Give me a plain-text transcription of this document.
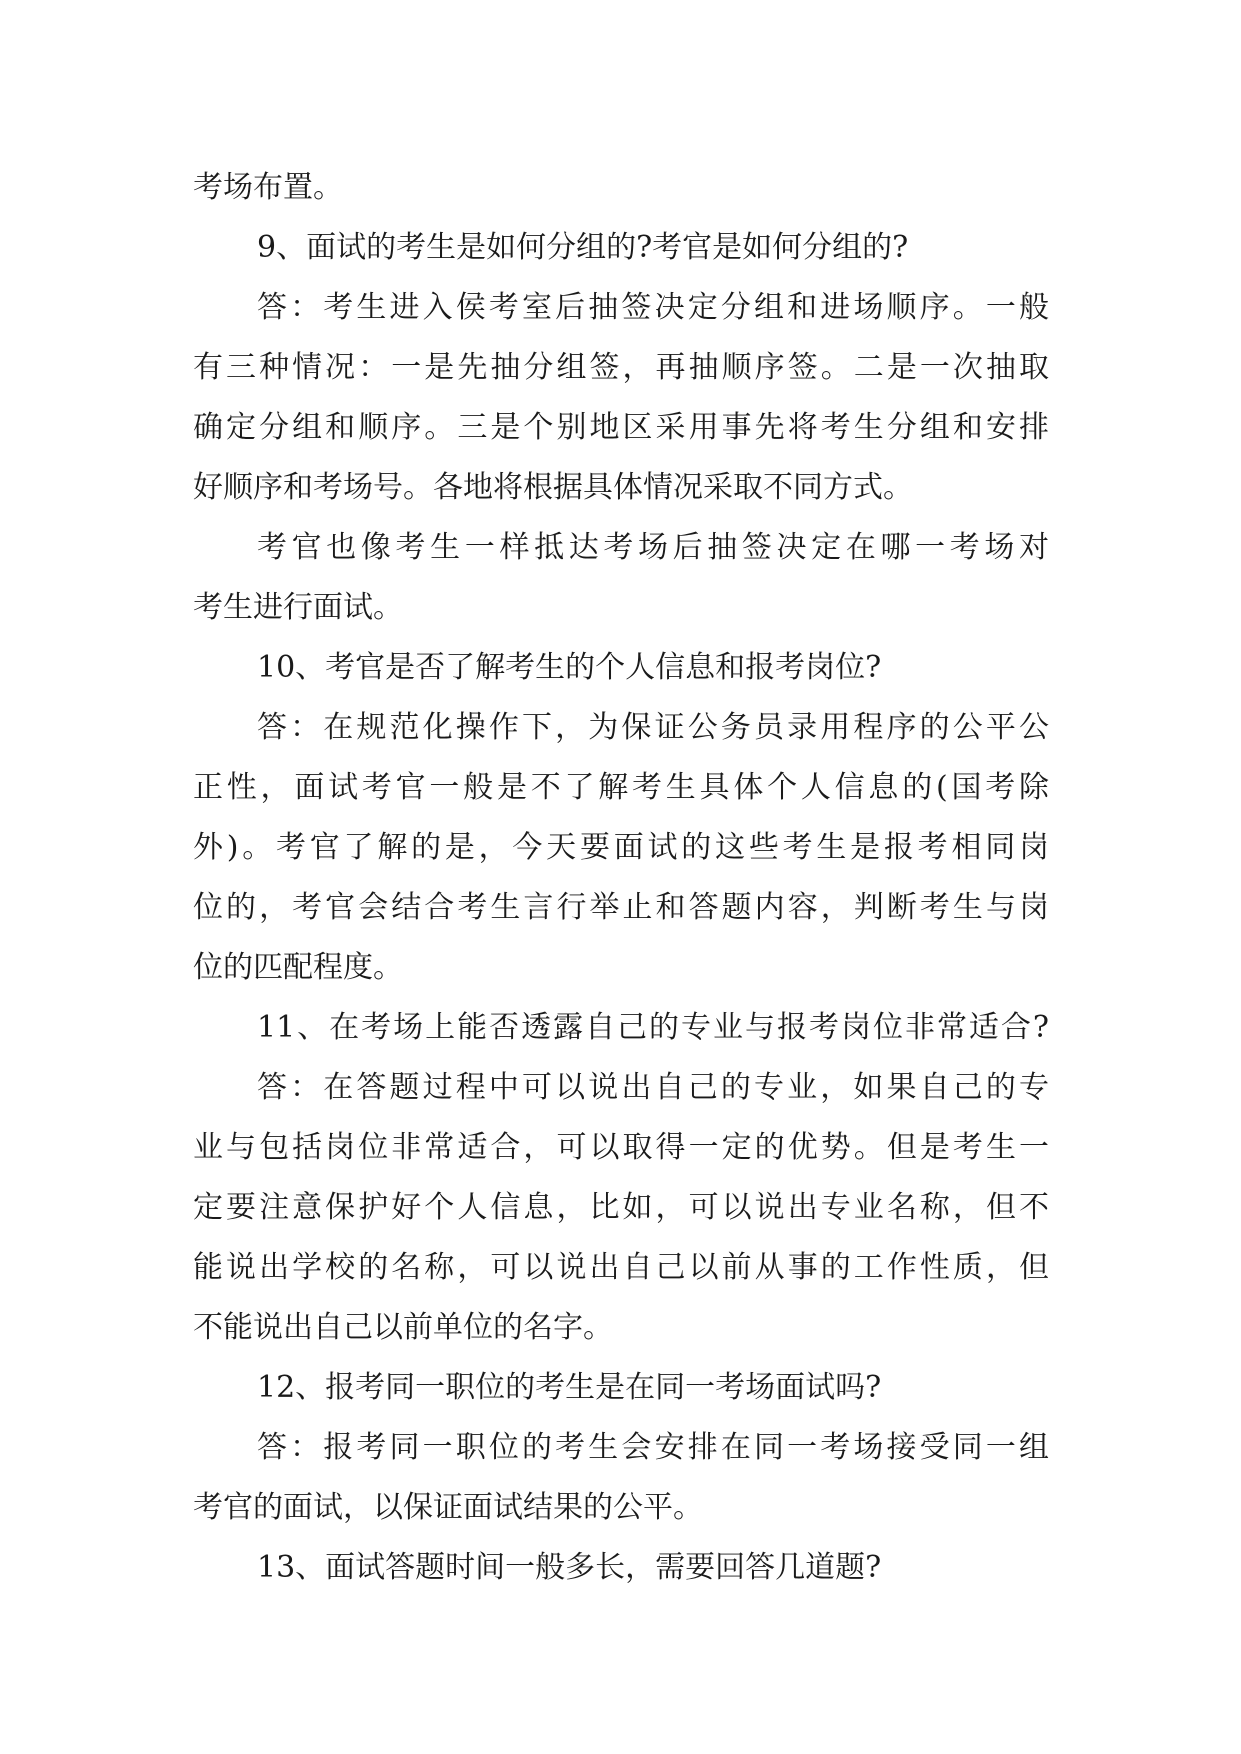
考场布置。
9、面试的考生是如何分组的?考官是如何分组的?
答：考生进入侯考室后抽签决定分组和进场顺序。一般
有三种情况：一是先抽分组签，再抽顺序签。二是一次抽取
确定分组和顺序。三是个别地区采用事先将考生分组和安排
好顺序和考场号。各地将根据具体情况采取不同方式。
考官也像考生一样抵达考场后抽签决定在哪一考场对
考生进行面试。
10、考官是否了解考生的个人信息和报考岗位?
答：在规范化操作下，为保证公务员录用程序的公平公
正性，面试考官一般是不了解考生具体个人信息的(国考除
外)。考官了解的是，今天要面试的这些考生是报考相同岗
位的，考官会结合考生言行举止和答题内容，判断考生与岗
位的匹配程度。
11、在考场上能否透露自己的专业与报考岗位非常适合?
答：在答题过程中可以说出自己的专业，如果自己的专
业与包括岗位非常适合，可以取得一定的优势。但是考生一
定要注意保护好个人信息，比如，可以说出专业名称，但不
能说出学校的名称，可以说出自己以前从事的工作性质，但
不能说出自己以前单位的名字。
12、报考同一职位的考生是在同一考场面试吗?
答：报考同一职位的考生会安排在同一考场接受同一组
考官的面试，以保证面试结果的公平。
13、面试答题时间一般多长，需要回答几道题?
